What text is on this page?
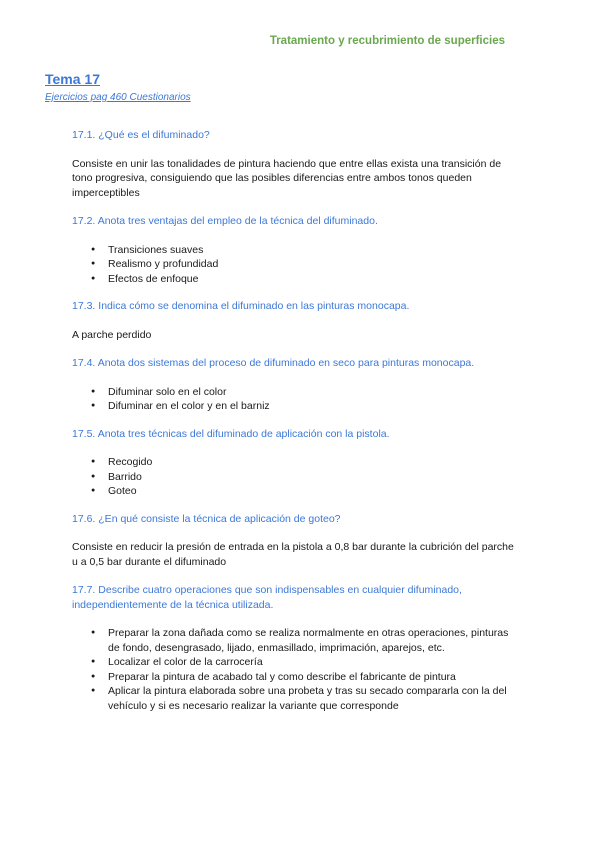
Tratamiento y recubrimiento de superficies
Tema 17
Ejercicios pag 460 Cuestionarios

17.1. ¿Qué es el difuminado?

Consiste en unir las tonalidades de pintura haciendo que entre ellas exista una transición de tono progresiva, consiguiendo que las posibles diferencias entre ambos tonos queden imperceptibles

17.2. Anota tres ventajas del empleo de la técnica del difuminado.

● Transiciones suaves
● Realismo y profundidad
● Efectos de enfoque

17.3. Indica cómo se denomina el difuminado en las pinturas monocapa.

A parche perdido

17.4. Anota dos sistemas del proceso de difuminado en seco para pinturas monocapa.

● Difuminar solo en el color
● Difuminar en el color y en el barniz

17.5. Anota tres técnicas del difuminado de aplicación con la pistola.

● Recogido
● Barrido
● Goteo

17.6. ¿En qué consiste la técnica de aplicación de goteo?

Consiste en reducir la presión de entrada en la pistola a 0,8 bar durante la cubrición del parche u a 0,5 bar durante el difuminado

17.7. Describe cuatro operaciones que son indispensables en cualquier difuminado, independientemente de la técnica utilizada.

● Preparar la zona dañada como se realiza normalmente en otras operaciones, pinturas de fondo, desengrasado, lijado, enmasillado, imprimación, aparejos, etc.
● Localizar el color de la carrocería
● Preparar la pintura de acabado tal y como describe el fabricante de pintura
● Aplicar la pintura elaborada sobre una probeta y tras su secado compararla con la del vehículo y si es necesario realizar la variante que corresponde
